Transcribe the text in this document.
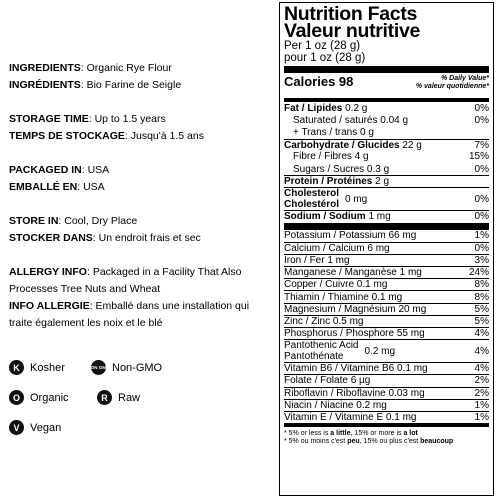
INGREDIENTS: Organic Rye Flour
INGRÉDIENTS: Bio Farine de Seigle
STORAGE TIME: Up to 1.5 years
TEMPS DE STOCKAGE: Jusqu'à 1.5 ans
PACKAGED IN: USA
EMBALLÉ EN: USA
STORE IN: Cool, Dry Place
STOCKER DANS: Un endroit frais et sec
ALLERGY INFO: Packaged in a Facility That Also Processes Tree Nuts and Wheat
INFO ALLERGIE: Emballé dans une installation qui traite également les noix et le blé
K Kosher	NON GMO Non-GMO
O Organic	R Raw
V Vegan
Nutrition Facts
Valeur nutritive
Per 1 oz (28 g)
pour 1 oz (28 g)
Calories 98	% Daily Value*
% valeur quotidienne*
Fat / Lipides 0.2 g	0%
Saturated / saturés 0.04 g	0%
+ Trans / trans 0 g
Carbohydrate / Glucides 22 g	7%
Fibre / Fibres 4 g	15%
Sugars / Sucres 0.3 g	0%
Protein / Protéines 2 g
Cholesterol
Cholestérol 0 mg	0%
Sodium / Sodium 1 mg	0%
Potassium / Potassium 66 mg	1%
Calcium / Calcium 6 mg	0%
Iron / Fer 1 mg	3%
Manganese / Manganèse 1 mg	24%
Copper / Cuivre 0.1 mg	8%
Thiamin / Thiamine 0.1 mg	8%
Magnesium / Magnésium 20 mg	5%
Zinc / Zinc 0.5 mg	5%
Phosphorus / Phosphore 55 mg	4%
Pantothenic Acid
Pantothénate	0.2 mg	4%
Vitamin B6 / Vitamine B6 0.1 mg	4%
Folate / Folate 6 µg	2%
Riboflavin / Riboflavine 0.03 mg	2%
Niacin / Niacine 0.2 mg	1%
Vitamin E / Vitamine E 0.1 mg	1%
* 5% or less is a little, 15% or more is a lot
* 5% ou moins c'est peu, 15% ou plus c'est beaucoup
